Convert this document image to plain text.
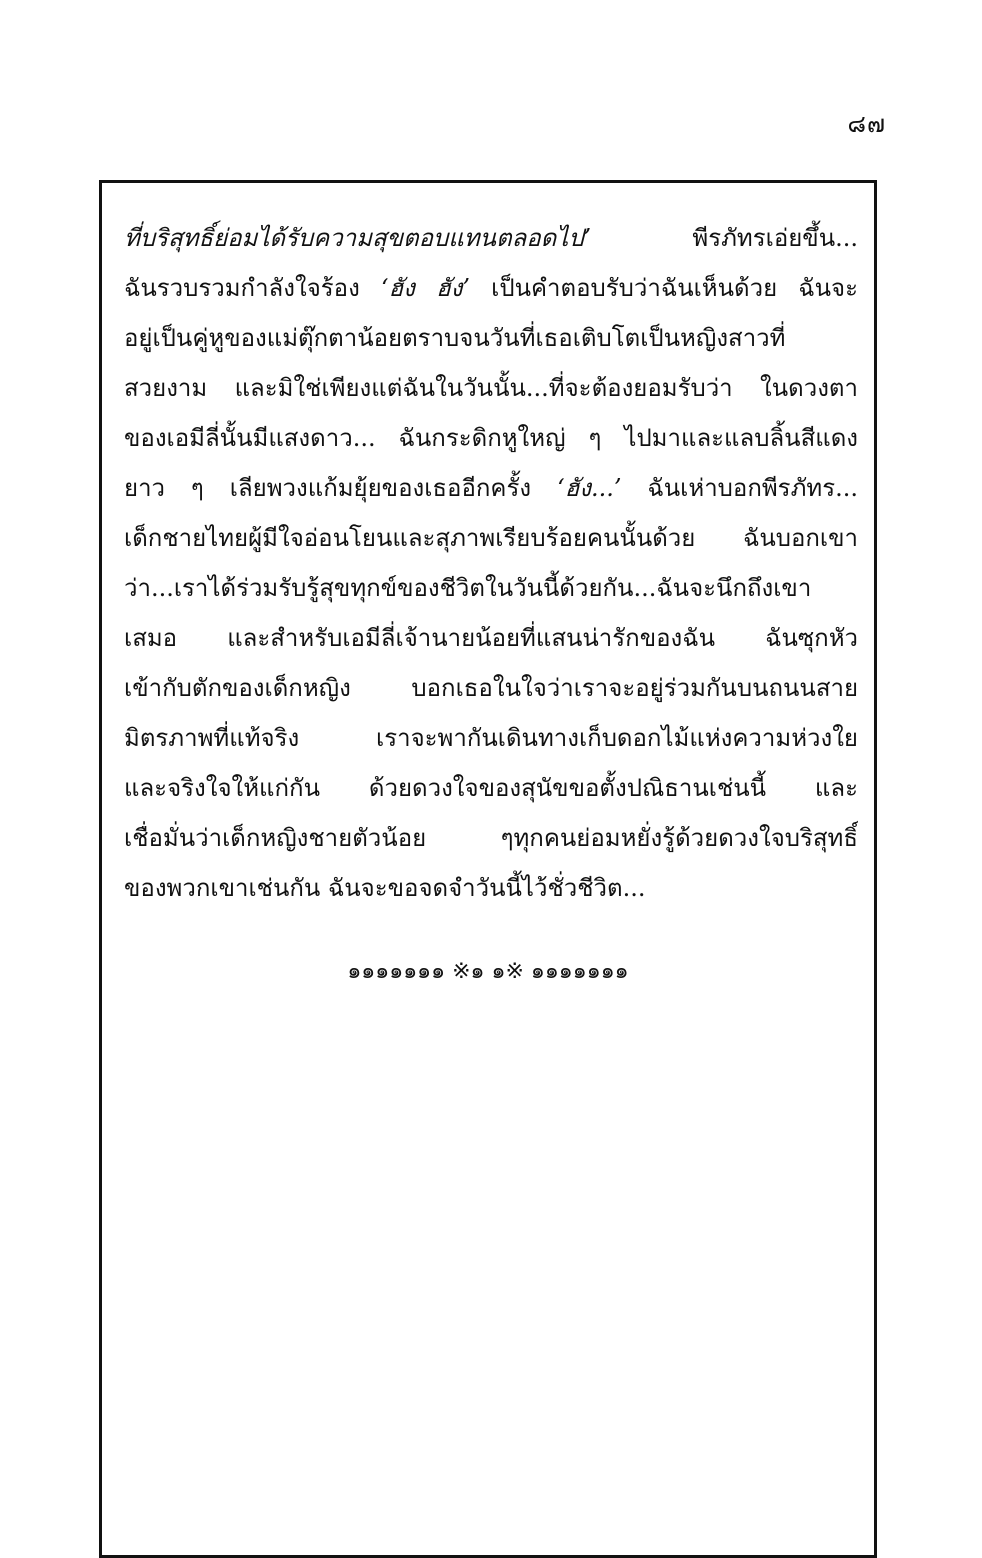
๘๗

ที่บริสุทธิ์ย่อมได้รับความสุขตอบแทนตลอดไป’ พีรภัทรเอ่ยขึ้น...
ฉันรวบรวมกำลังใจร้อง ‘ฮัง ฮัง’ เป็นคำตอบรับว่าฉันเห็นด้วย ฉันจะ
อยู่เป็นคู่หูของแม่ตุ๊กตาน้อยตราบจนวันที่เธอเติบโตเป็นหญิงสาวที่
สวยงาม และมิใช่เพียงแต่ฉันในวันนั้น...ที่จะต้องยอมรับว่า ในดวงตา
ของเอมีลี่นั้นมีแสงดาว... ฉันกระดิกหูใหญ่ ๆ ไปมาและแลบลิ้นสีแดง
ยาว ๆ เลียพวงแก้มยุ้ยของเธออีกครั้ง ‘ฮัง...’ ฉันเห่าบอกพีรภัทร...
เด็กชายไทยผู้มีใจอ่อนโยนและสุภาพเรียบร้อยคนนั้นด้วย ฉันบอกเขา
ว่า...เราได้ร่วมรับรู้สุขทุกข์ของชีวิตในวันนี้ด้วยกัน...ฉันจะนึกถึงเขา
เสมอ และสำหรับเอมีลี่เจ้านายน้อยที่แสนน่ารักของฉัน ฉันซุกหัว
เข้ากับตักของเด็กหญิง บอกเธอในใจว่าเราจะอยู่ร่วมกันบนถนนสาย
มิตรภาพที่แท้จริง เราจะพากันเดินทางเก็บดอกไม้แห่งความห่วงใย
และจริงใจให้แก่กัน ด้วยดวงใจของสุนัขขอตั้งปณิธานเช่นนี้ และ
เชื่อมั่นว่าเด็กหญิงชายตัวน้อย ๆทุกคนย่อมหยั่งรู้ด้วยดวงใจบริสุทธิ์
ของพวกเขาเช่นกัน ฉันจะขอจดจำวันนี้ไว้ชั่วชีวิต...

๑๑๑๑๑๑๑ ※๑ ๑※ ๑๑๑๑๑๑๑
